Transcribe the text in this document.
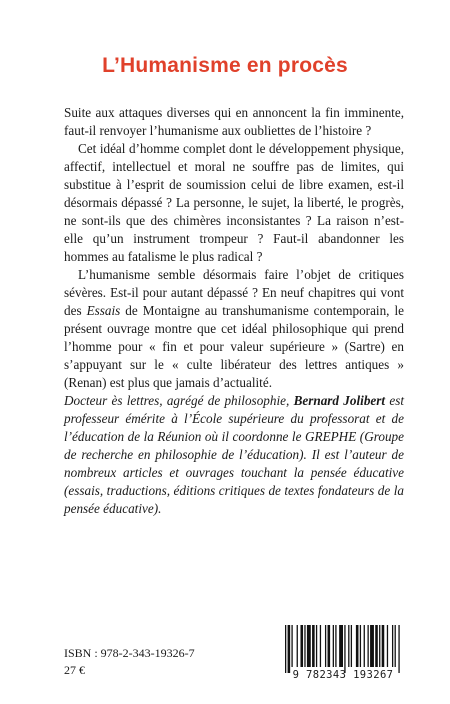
L’Humanisme en procès

Suite aux attaques diverses qui en annoncent la fin imminente, faut-il renvoyer l’humanisme aux oubliettes de l’histoire ?

Cet idéal d’homme complet dont le développement physique, affectif, intellectuel et moral ne souffre pas de limites, qui substitue à l’esprit de soumission celui de libre examen, est-il désormais dépassé ? La personne, le sujet, la liberté, le progrès, ne sont-ils que des chimères inconsistantes ? La raison n’est-elle qu’un instrument trompeur ? Faut-il abandonner les hommes au fatalisme le plus radical ?

L’humanisme semble désormais faire l’objet de critiques sévères. Est-il pour autant dépassé ? En neuf chapitres qui vont des Essais de Montaigne au transhumanisme contemporain, le présent ouvrage montre que cet idéal philosophique qui prend l’homme pour « fin et pour valeur supérieure » (Sartre) en s’appuyant sur le « culte libérateur des lettres antiques » (Renan) est plus que jamais d’actualité.

Docteur ès lettres, agrégé de philosophie, Bernard Jolibert est professeur émérite à l’École supérieure du professorat et de l’éducation de la Réunion où il coordonne le GREPHE (Groupe de recherche en philosophie de l’éducation). Il est l’auteur de nombreux articles et ouvrages touchant la pensée éducative (essais, traductions, éditions critiques de textes fondateurs de la pensée éducative).
ISBN : 978-2-343-19326-7
27 €	9 782343 193267
